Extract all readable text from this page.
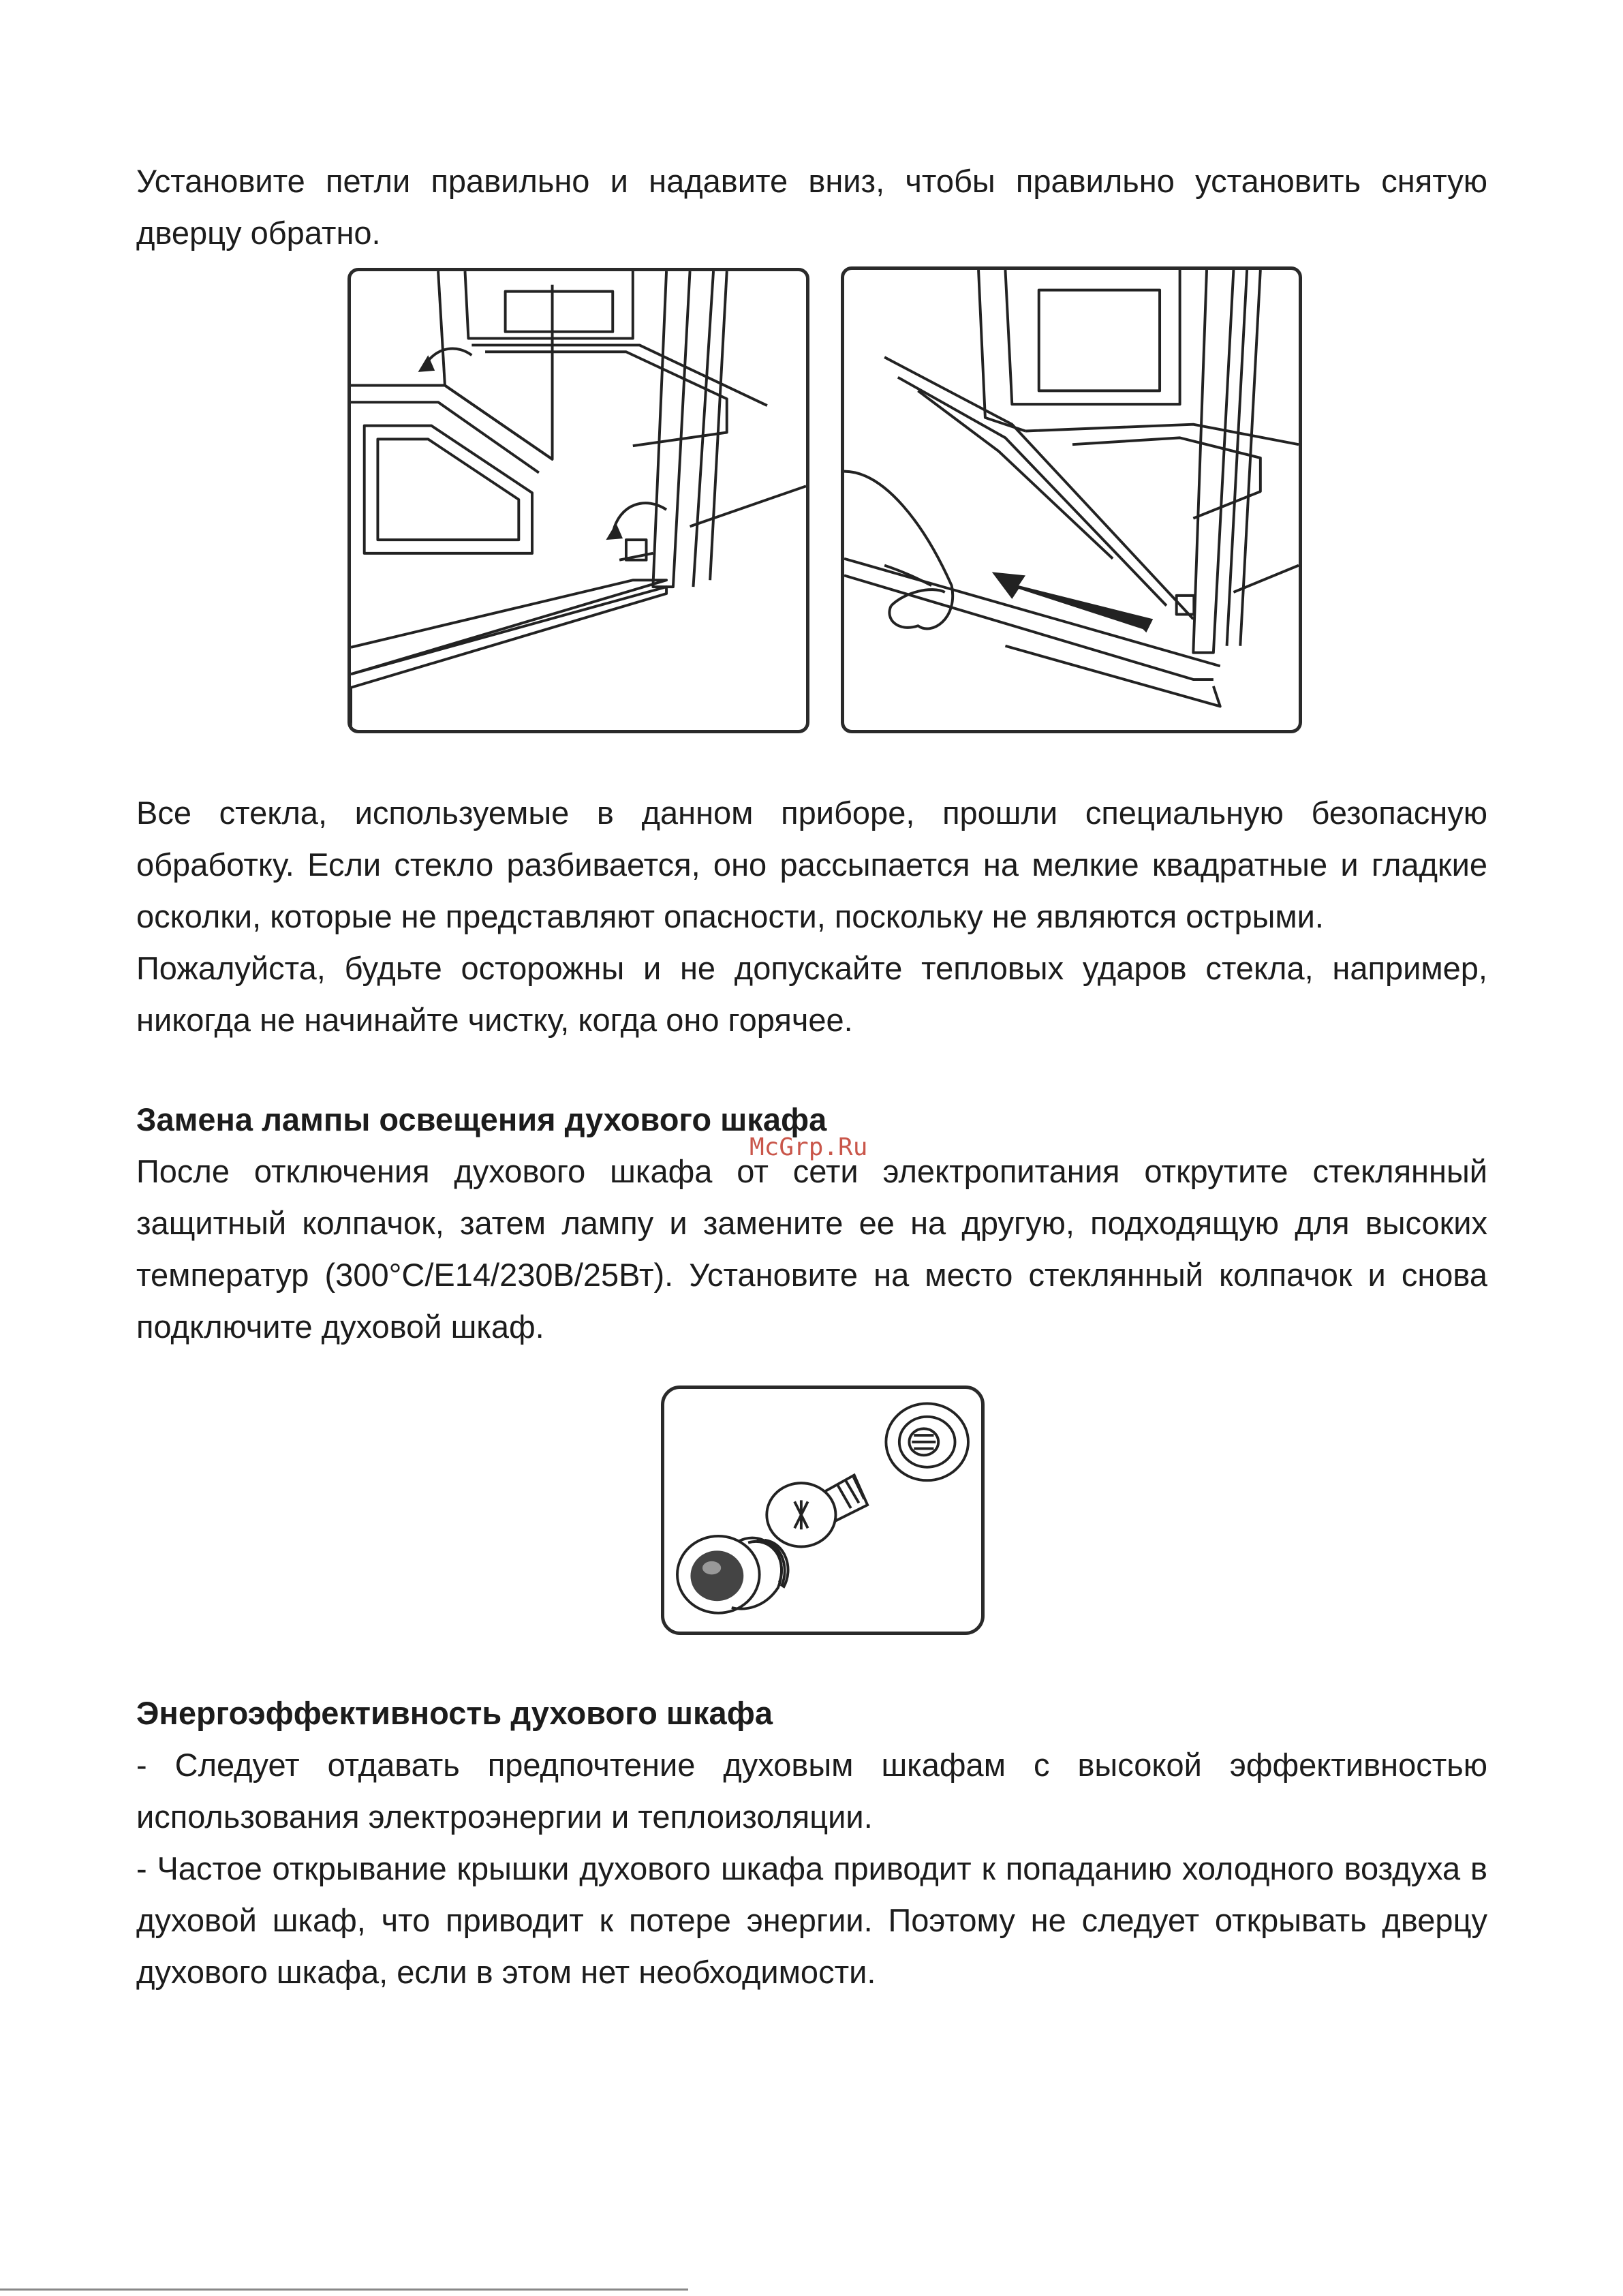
Установите петли правильно и надавите вниз, чтобы правильно установить снятую дверцу обратно.

Все стекла, используемые в данном приборе, прошли специальную безопасную обработку. Если стекло разбивается, оно рассыпается на мелкие квадратные и гладкие осколки, которые не представляют опасности, поскольку не являются острыми.

Пожалуйста, будьте осторожны и не допускайте тепловых ударов стекла, например, никогда не начинайте чистку, когда оно горячее.

Замена лампы освещения духового шкафа
McGrp.Ru

После отключения духового шкафа от сети электропитания открутите стеклянный защитный колпачок, затем лампу и замените ее на другую, подходящую для высоких температур (300°C/E14/230B/25Вт). Установите на место стеклянный колпачок и снова подключите духовой шкаф.

Энергоэффективность духового шкафа

- Следует отдавать предпочтение духовым шкафам с высокой эффективностью использования электроэнергии и теплоизоляции.

- Частое открывание крышки духового шкафа приводит к попаданию холодного воздуха в духовой шкаф, что приводит к потере энергии. Поэтому не следует открывать дверцу духового шкафа, если в этом нет необходимости.
